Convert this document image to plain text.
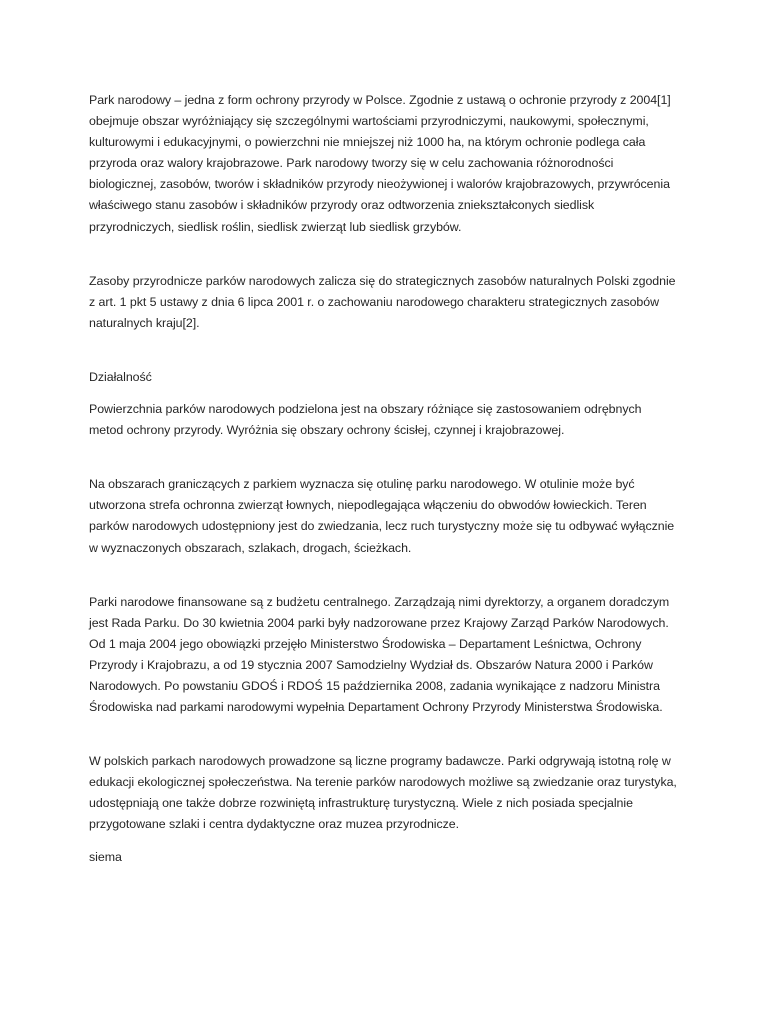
Park narodowy – jedna z form ochrony przyrody w Polsce. Zgodnie z ustawą o ochronie przyrody z 2004[1] obejmuje obszar wyróżniający się szczególnymi wartościami przyrodniczymi, naukowymi, społecznymi, kulturowymi i edukacyjnymi, o powierzchni nie mniejszej niż 1000 ha, na którym ochronie podlega cała przyroda oraz walory krajobrazowe. Park narodowy tworzy się w celu zachowania różnorodności biologicznej, zasobów, tworów i składników przyrody nieożywionej i walorów krajobrazowych, przywrócenia właściwego stanu zasobów i składników przyrody oraz odtworzenia zniekształconych siedlisk przyrodniczych, siedlisk roślin, siedlisk zwierząt lub siedlisk grzybów.

Zasoby przyrodnicze parków narodowych zalicza się do strategicznych zasobów naturalnych Polski zgodnie z art. 1 pkt 5 ustawy z dnia 6 lipca 2001 r. o zachowaniu narodowego charakteru strategicznych zasobów naturalnych kraju[2].

Działalność

Powierzchnia parków narodowych podzielona jest na obszary różniące się zastosowaniem odrębnych metod ochrony przyrody. Wyróżnia się obszary ochrony ścisłej, czynnej i krajobrazowej.

Na obszarach graniczących z parkiem wyznacza się otulinę parku narodowego. W otulinie może być utworzona strefa ochronna zwierząt łownych, niepodlegająca włączeniu do obwodów łowieckich. Teren parków narodowych udostępniony jest do zwiedzania, lecz ruch turystyczny może się tu odbywać wyłącznie w wyznaczonych obszarach, szlakach, drogach, ścieżkach.

Parki narodowe finansowane są z budżetu centralnego. Zarządzają nimi dyrektorzy, a organem doradczym jest Rada Parku. Do 30 kwietnia 2004 parki były nadzorowane przez Krajowy Zarząd Parków Narodowych. Od 1 maja 2004 jego obowiązki przejęło Ministerstwo Środowiska – Departament Leśnictwa, Ochrony Przyrody i Krajobrazu, a od 19 stycznia 2007 Samodzielny Wydział ds. Obszarów Natura 2000 i Parków Narodowych. Po powstaniu GDOŚ i RDOŚ 15 października 2008, zadania wynikające z nadzoru Ministra Środowiska nad parkami narodowymi wypełnia Departament Ochrony Przyrody Ministerstwa Środowiska.

W polskich parkach narodowych prowadzone są liczne programy badawcze. Parki odgrywają istotną rolę w edukacji ekologicznej społeczeństwa. Na terenie parków narodowych możliwe są zwiedzanie oraz turystyka, udostępniają one także dobrze rozwiniętą infrastrukturę turystyczną. Wiele z nich posiada specjalnie przygotowane szlaki i centra dydaktyczne oraz muzea przyrodnicze.

siema
